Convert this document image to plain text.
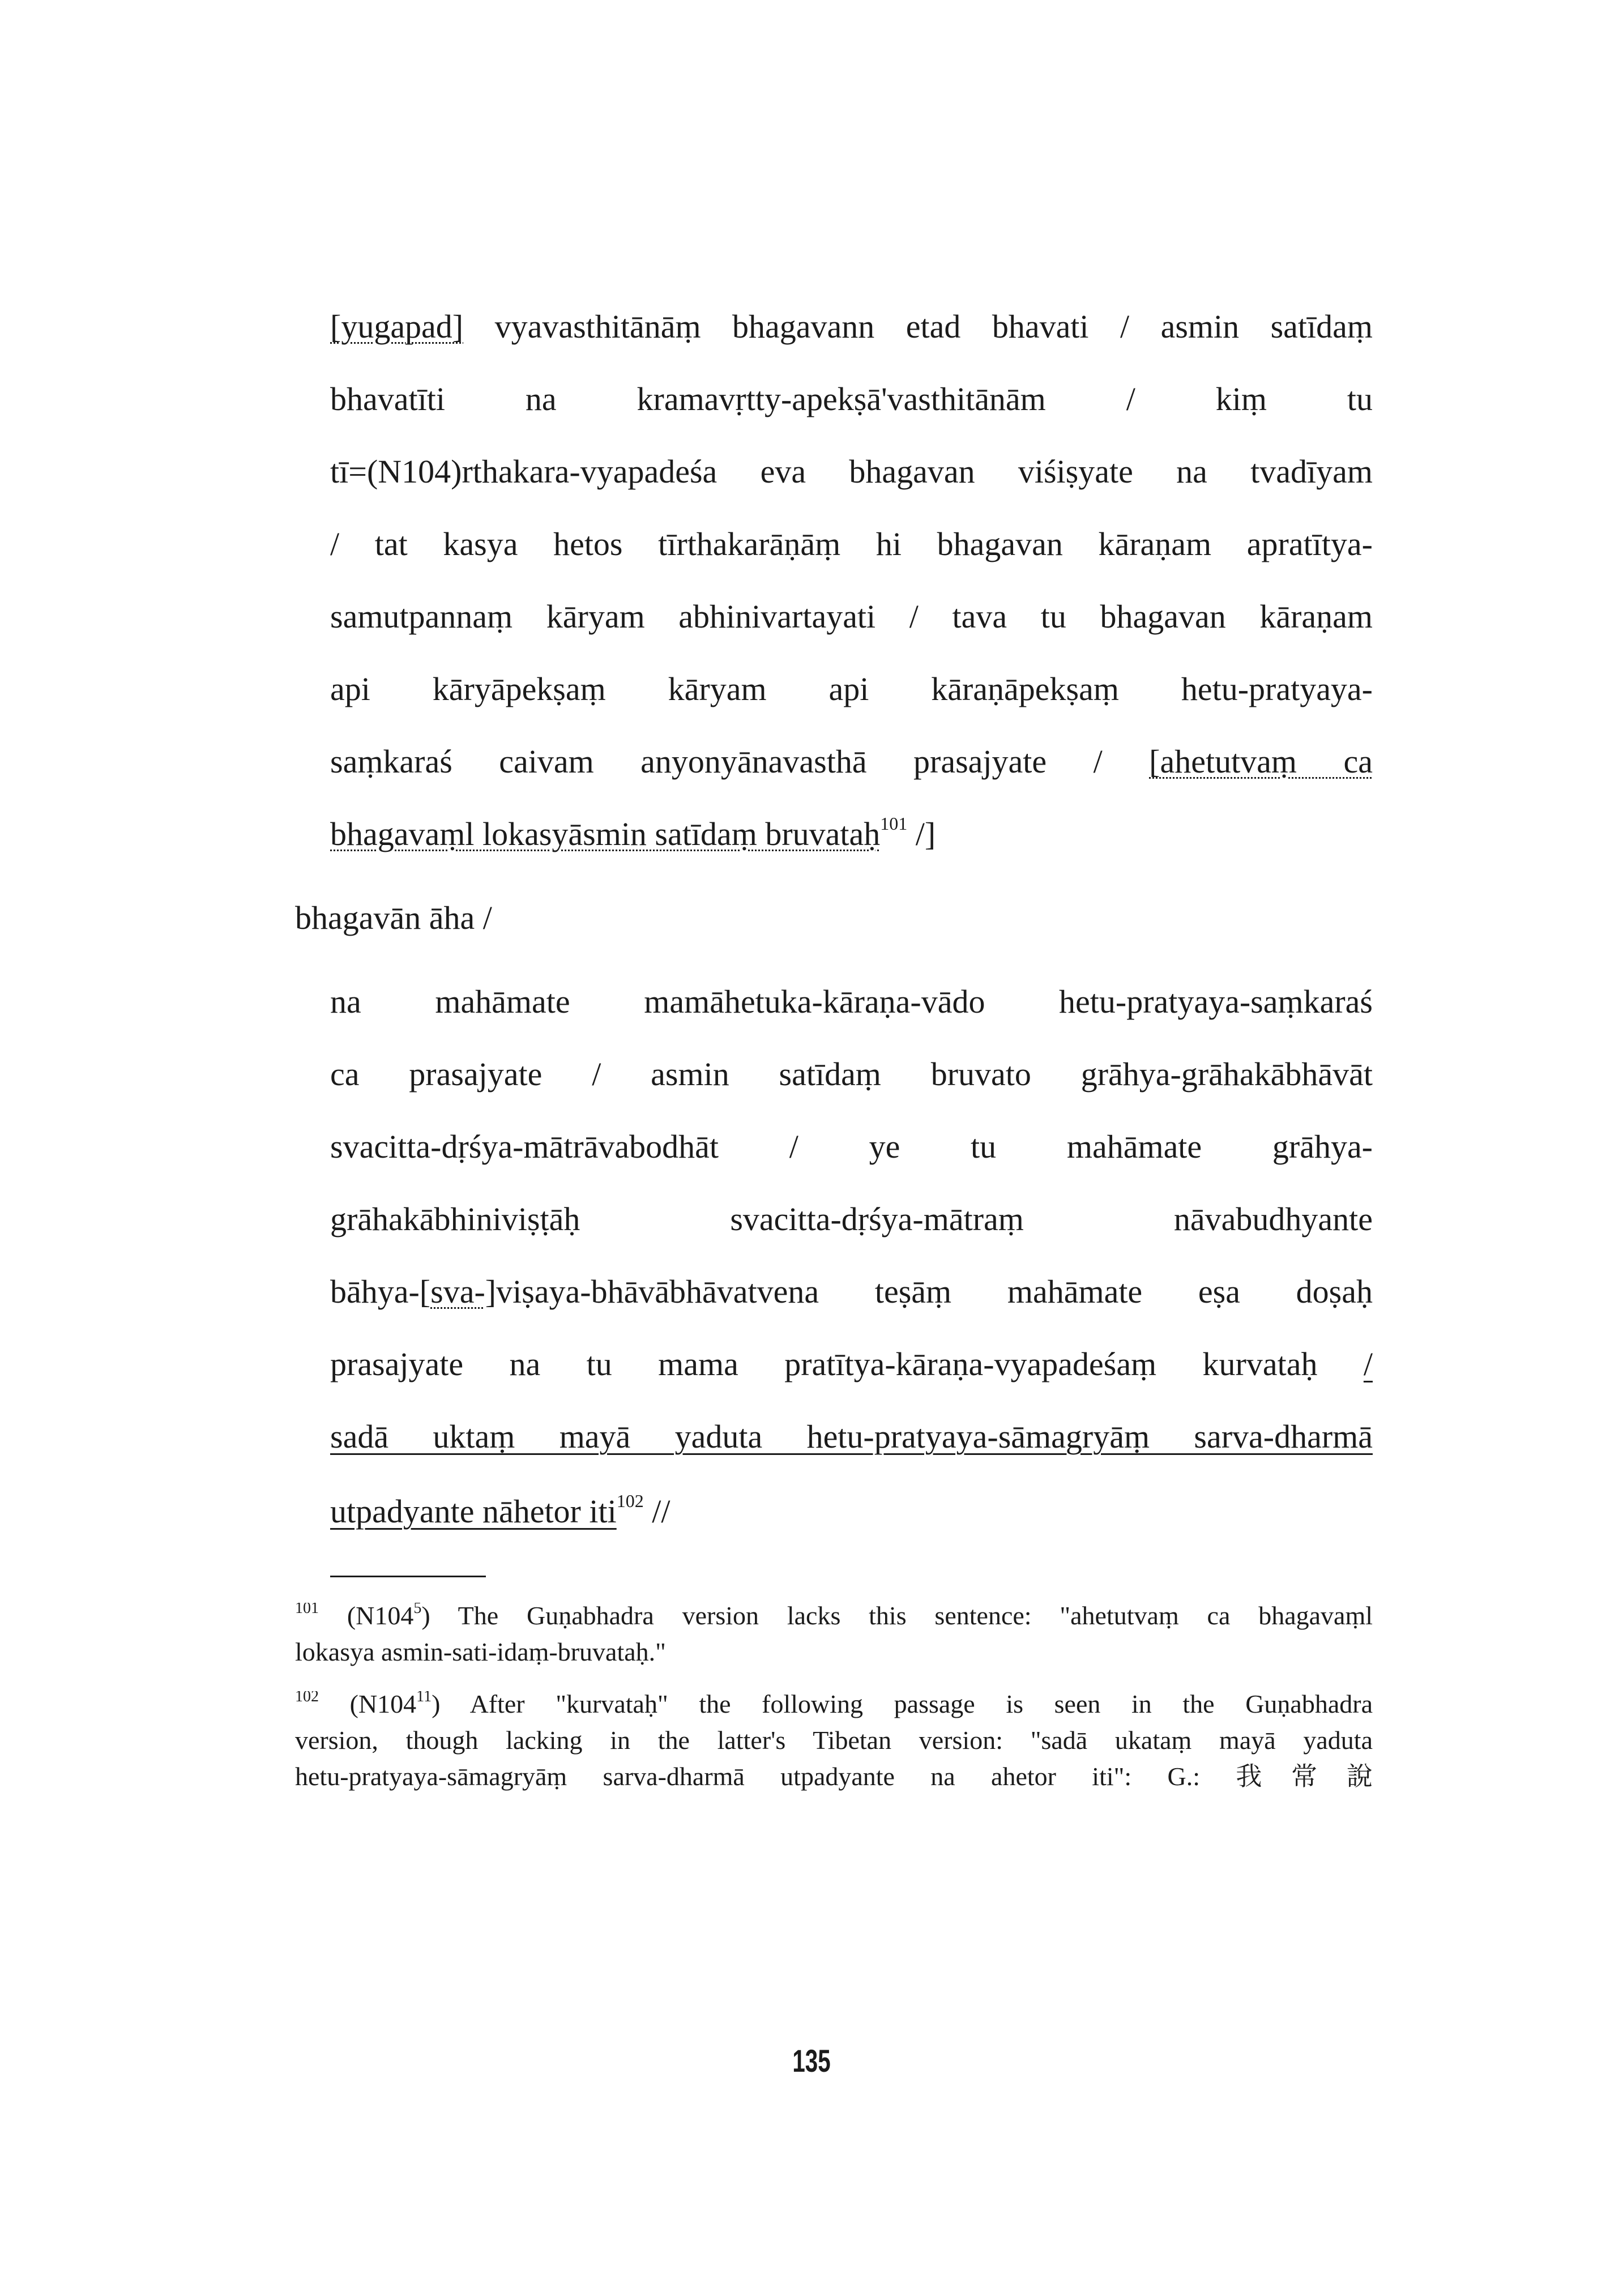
[yugapad] vyavasthitānāṃ bhagavann etad bhavati / asmin satīdaṃ
bhavatīti na kramavṛtty-apekṣā'vasthitānām / kiṃ tu
tī=(N104)rthakara-vyapadeśa eva bhagavan viśiṣyate na tvadīyam
/ tat kasya hetos tīrthakarāṇāṃ hi bhagavan kāraṇam apratītya-
samutpannaṃ kāryam abhinivartayati / tava tu bhagavan kāraṇam
api kāryāpekṣaṃ kāryam api kāraṇāpekṣaṃ hetu-pratyaya-
saṃkaraś caivam anyonyānavasthā prasajyate / [ahetutvaṃ ca
bhagavaṃl lokasyāsmin satīdaṃ bruvataḥ$^{101}$ /]
bhagavān āha /
na mahāmate mamāhetuka-kāraṇa-vādo hetu-pratyaya-saṃkaraś
ca prasajyate / asmin satīdaṃ bruvato grāhya-grāhakābhāvāt
svacitta-dṛśya-mātrāvabodhāt / ye tu mahāmate grāhya-
grāhakābhiniviṣṭāḥ svacitta-dṛśya-mātraṃ nāvabudhyante
bāhya-[sva-]viṣaya-bhāvābhāvatvena teṣāṃ mahāmate eṣa doṣaḥ
prasajyate na tu mama pratītya-kāraṇa-vyapadeśaṃ kurvataḥ /
sadā uktaṃ mayā yaduta hetu-pratyaya-sāmagryāṃ sarva-dharmā
utpadyante nāhetor iti$^{102}$ //
$^{101}$ $(N104^5)$ The Guṇabhadra version lacks this sentence: "ahetutvaṃ ca bhagavaṃl
lokasya asmin-sati-idaṃ-bruvataḥ."
$^{102}$ $(N104^{11})$ After "kurvataḥ" the following passage is seen in the Guṇabhadra
version, though lacking in the latter's Tibetan version: "sadā ukataṃ mayā yaduta
hetu-pratyaya-sāmagryāṃ sarva-dharmā utpadyante na ahetor iti": G.: 我常說
135
